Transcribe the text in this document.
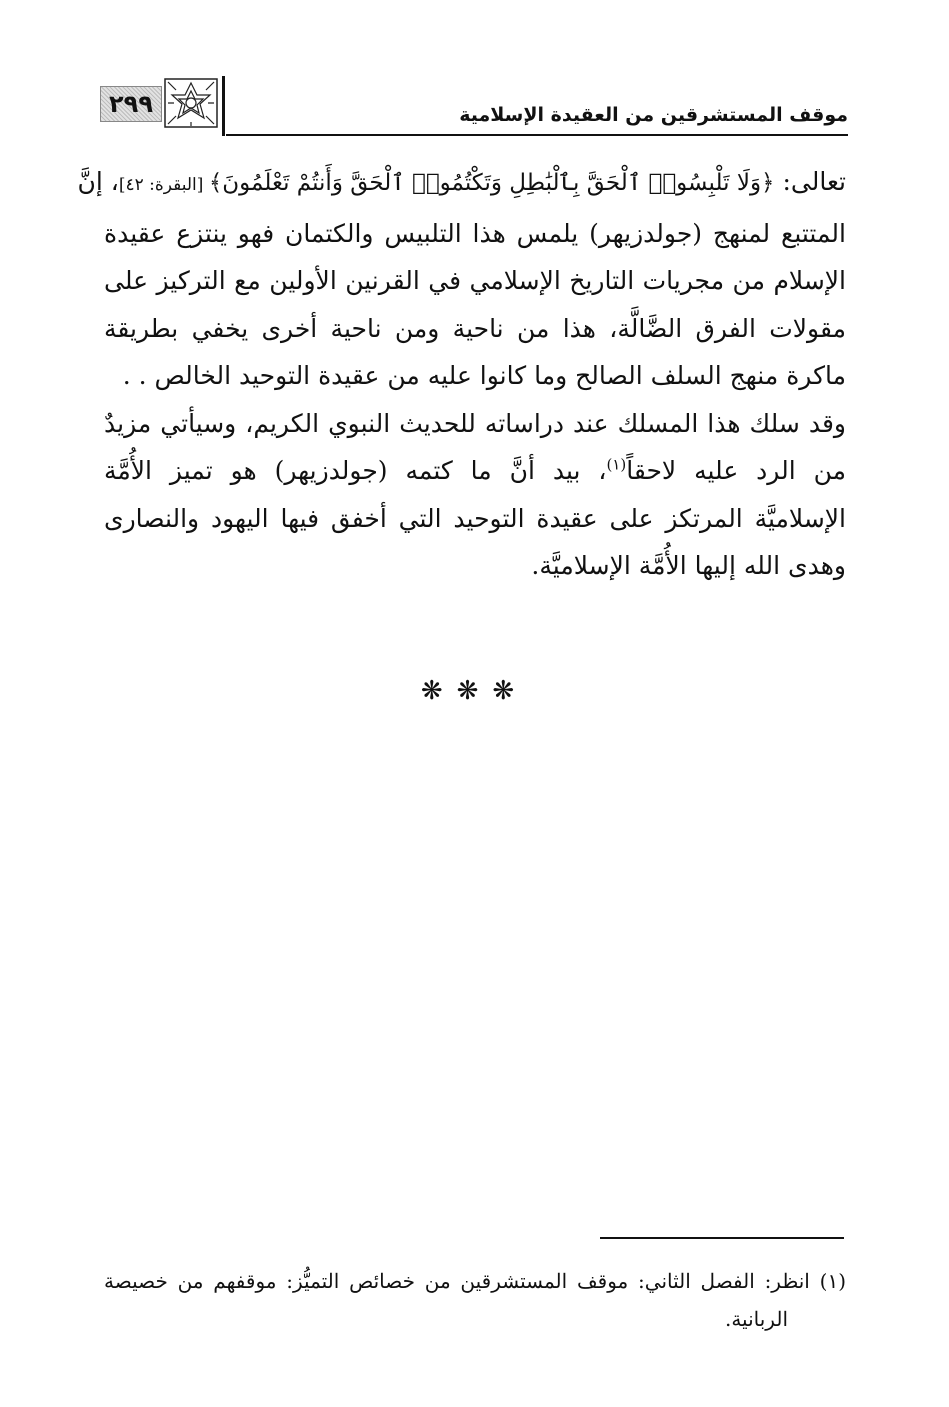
موقف المستشرقين من العقيدة الإسلامية
٢٩٩
تعالى: ﴿وَلَا تَلْبِسُوا۟ ٱلْحَقَّ بِٱلْبَٰطِلِ وَتَكْتُمُوا۟ ٱلْحَقَّ وَأَنتُمْ تَعْلَمُونَ﴾ [البقرة: ٤٢]، إنَّ
المتتبع لمنهج (جولدزيهر) يلمس هذا التلبيس والكتمان فهو ينتزع عقيدة
الإسلام من مجريات التاريخ الإسلامي في القرنين الأولين مع التركيز على
مقولات الفرق الضَّالَّة، هذا من ناحية ومن ناحية أخرى يخفي بطريقة
ماكرة منهج السلف الصالح وما كانوا عليه من عقيدة التوحيد الخالص . .
وقد سلك هذا المسلك عند دراساته للحديث النبوي الكريم، وسيأتي مزيدٌ
من الرد عليه لاحقاً$^{(١)}$، بيد أنَّ ما كتمه (جولدزيهر) هو تميز الأُمَّة
الإسلاميَّة المرتكز على عقيدة التوحيد التي أخفق فيها اليهود والنصارى
وهدى الله إليها الأُمَّة الإسلاميَّة.
❋❋❋
(١) انظر: الفصل الثاني: موقف المستشرقين من خصائص التميُّز: موقفهم من خصيصة
الربانية.
